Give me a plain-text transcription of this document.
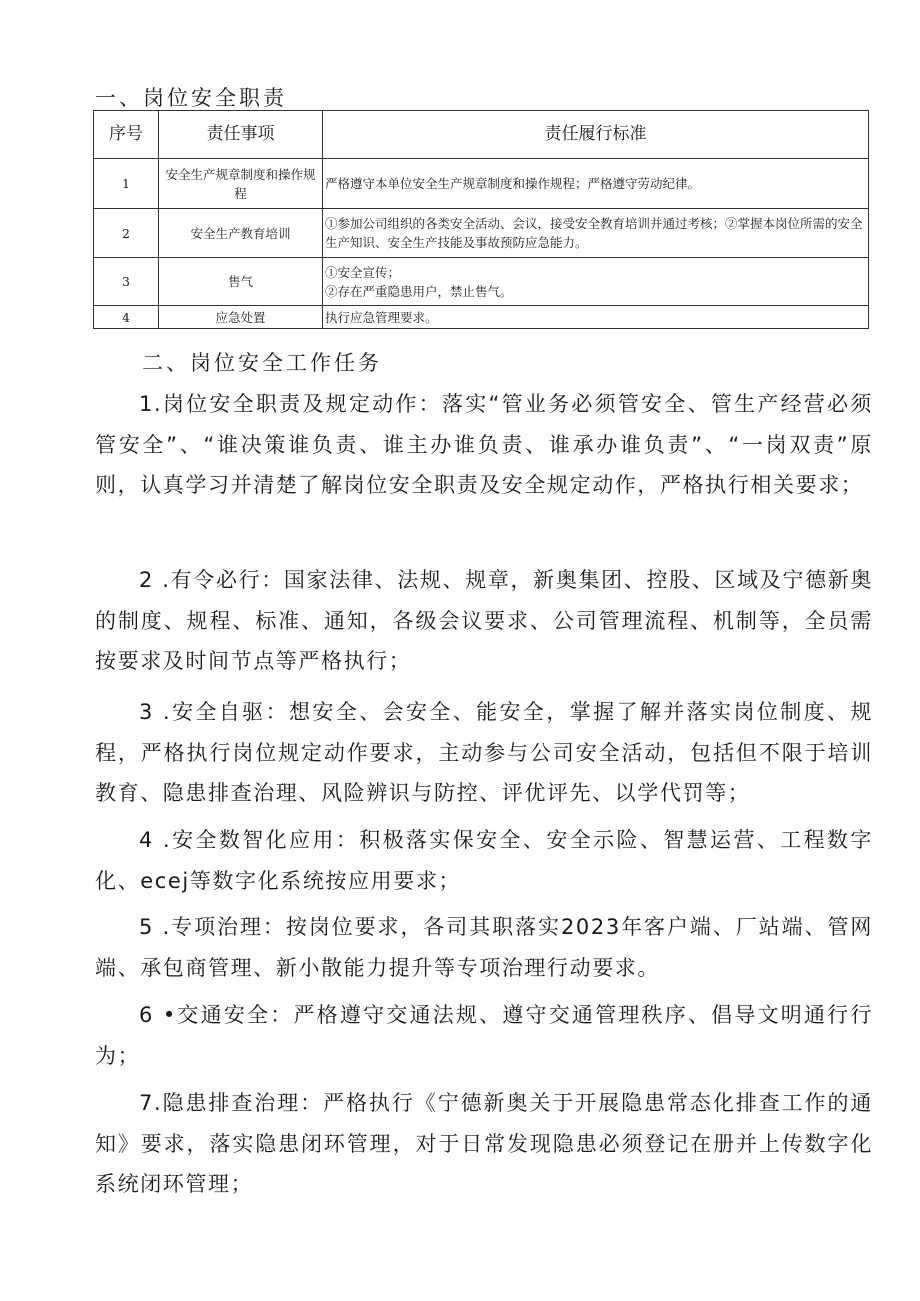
一、岗位安全职责
序号	责任事项	责任履行标准
1	安全生产规章制度和操作规程	严格遵守本单位安全生产规章制度和操作规程；严格遵守劳动纪律。
2	安全生产教育培训	①参加公司组织的各类安全活动、会议，接受安全教育培训并通过考核；②掌握本岗位所需的安全生产知识、安全生产技能及事故预防应急能力。
3	售气	①安全宣传；
②存在严重隐患用户，禁止售气。

4	应急处置	执行应急管理要求。
二、岗位安全工作任务

1.岗位安全职责及规定动作：落实“管业务必须管安全、管生产经营必须管安全”、“谁决策谁负责、谁主办谁负责、谁承办谁负责”、“一岗双责”原则，认真学习并清楚了解岗位安全职责及安全规定动作，严格执行相关要求；

2 .有令必行：国家法律、法规、规章，新奥集团、控股、区域及宁德新奥的制度、规程、标准、通知，各级会议要求、公司管理流程、机制等，全员需按要求及时间节点等严格执行；

3 .安全自驱：想安全、会安全、能安全，掌握了解并落实岗位制度、规程，严格执行岗位规定动作要求，主动参与公司安全活动，包括但不限于培训教育、隐患排查治理、风险辨识与防控、评优评先、以学代罚等；

4 .安全数智化应用：积极落实保安全、安全示险、智慧运营、工程数字化、ecej等数字化系统按应用要求；

5 .专项治理：按岗位要求，各司其职落实2023年客户端、厂站端、管网端、承包商管理、新小散能力提升等专项治理行动要求。

6 •交通安全：严格遵守交通法规、遵守交通管理秩序、倡导文明通行行为；

7.隐患排查治理：严格执行《宁德新奥关于开展隐患常态化排查工作的通知》要求，落实隐患闭环管理，对于日常发现隐患必须登记在册并上传数字化系统闭环管理；
